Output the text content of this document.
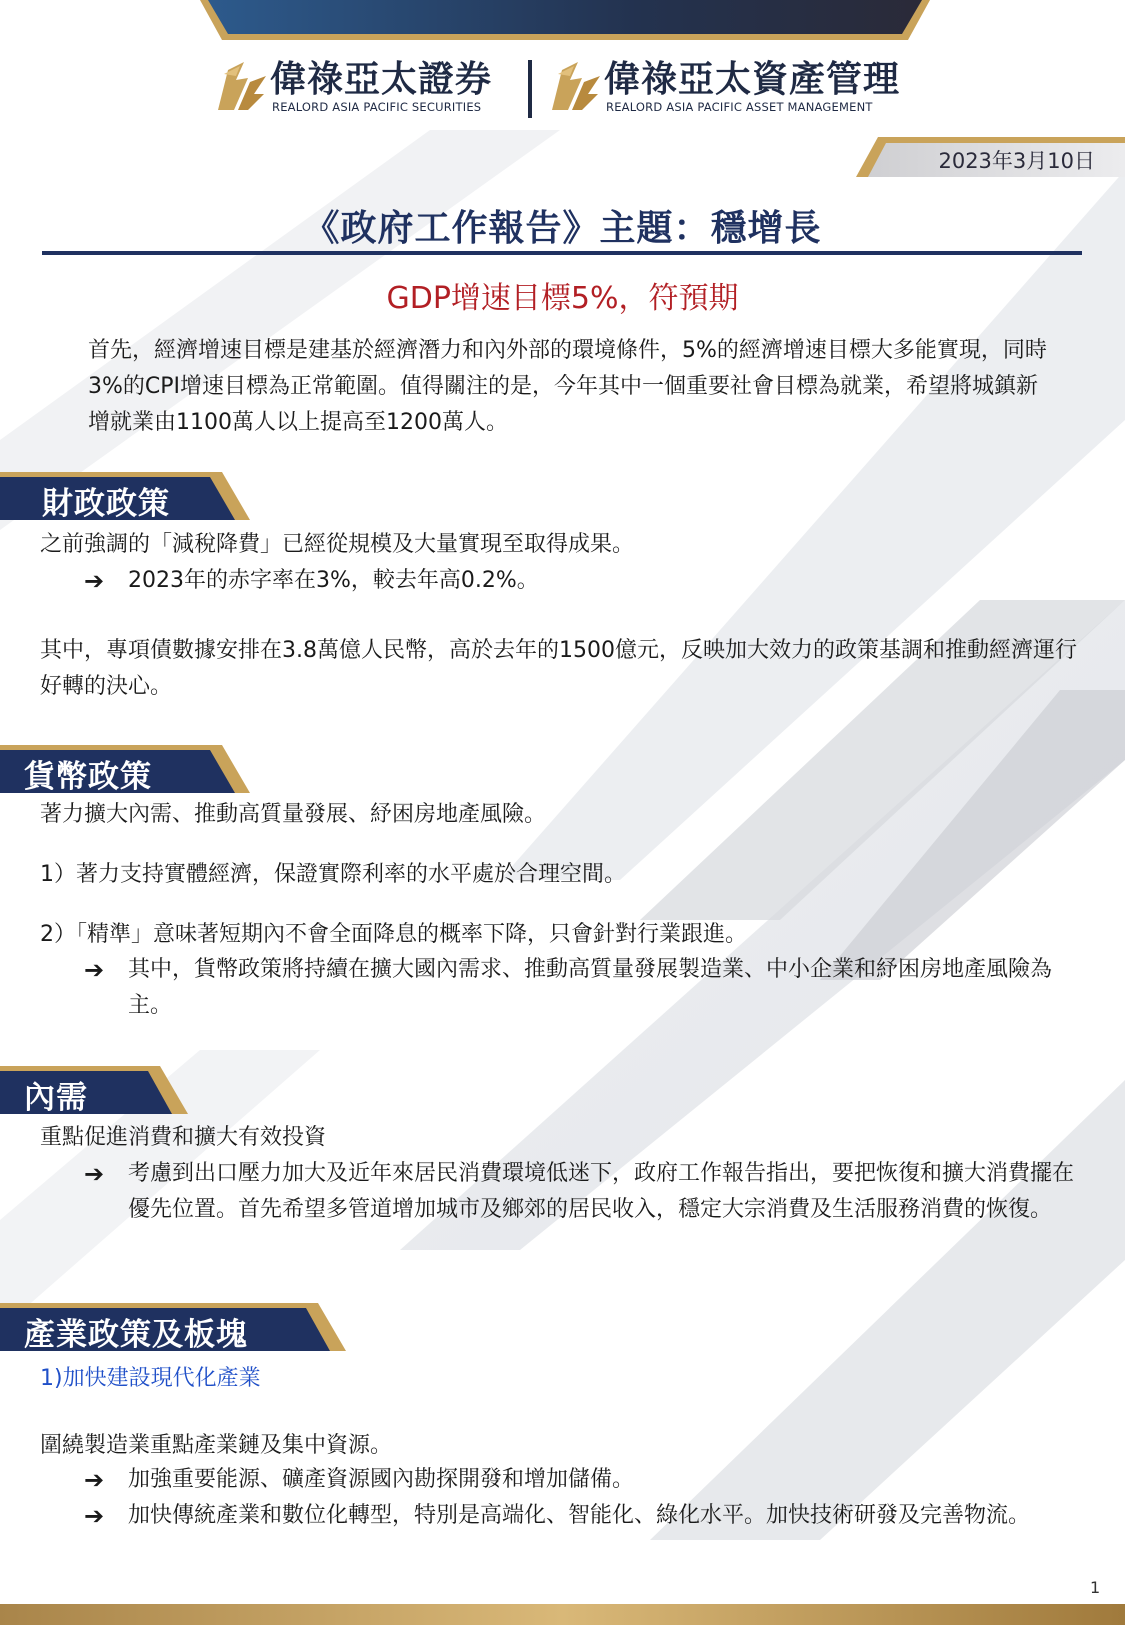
偉祿亞太證券
REALORD ASIA PACIFIC SECURITIES
偉祿亞太資產管理
REALORD ASIA PACIFIC ASSET MANAGEMENT
2023年3月10日
《政府工作報告》主題：穩增長
GDP增速目標5%，符預期
首先，經濟增速目標是建基於經濟潛力和內外部的環境條件，5%的經濟增速目標大多能實現，同時3%的CPI增速目標為正常範圍。值得關注的是，今年其中一個重要社會目標為就業，希望將城鎮新增就業由1100萬人以上提高至1200萬人。
財政政策
之前強調的「減稅降費」已經從規模及大量實現至取得成果。
➔	2023年的赤字率在3%，較去年高0.2%。
其中，專項債數據安排在3.8萬億人民幣，高於去年的1500億元，反映加大效力的政策基調和推動經濟運行好轉的決心。
貨幣政策
著力擴大內需、推動高質量發展、紓困房地產風險。
1）著力支持實體經濟，保證實際利率的水平處於合理空間。
2）「精準」意味著短期內不會全面降息的概率下降，只會針對行業跟進。
➔	其中，貨幣政策將持續在擴大國內需求、推動高質量發展製造業、中小企業和紓困房地產風險為主。
內需
重點促進消費和擴大有效投資
➔	考慮到出口壓力加大及近年來居民消費環境低迷下，政府工作報告指出，要把恢復和擴大消費擺在優先位置。首先希望多管道增加城市及鄉郊的居民收入，穩定大宗消費及生活服務消費的恢復。
產業政策及板塊
1)加快建設現代化產業
圍繞製造業重點產業鏈及集中資源。
➔	加強重要能源、礦產資源國內勘探開發和增加儲備。
➔	加快傳統產業和數位化轉型，特別是高端化、智能化、綠化水平。加快技術研發及完善物流。
1
